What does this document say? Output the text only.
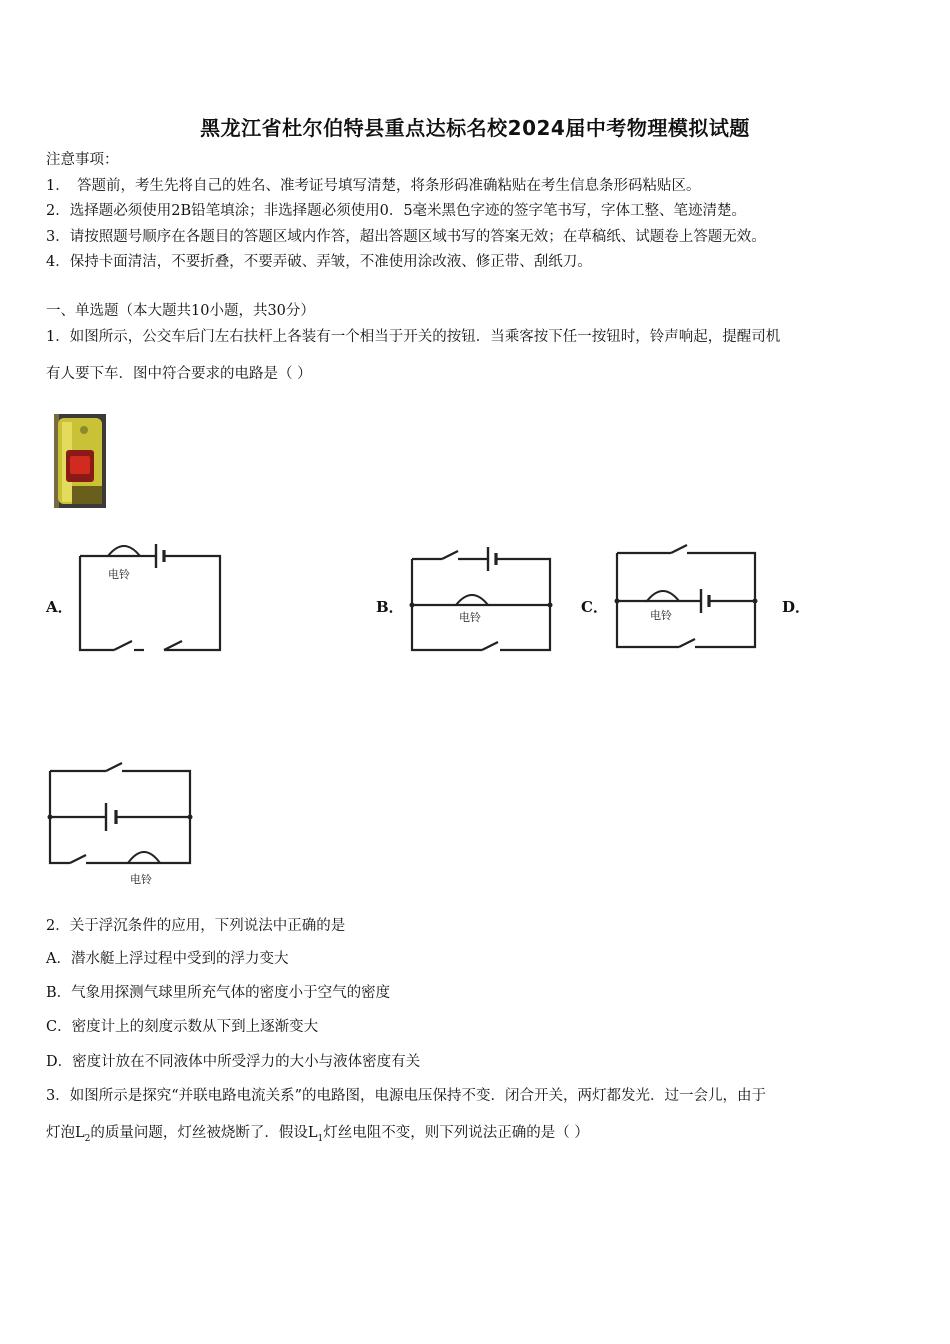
黑龙江省杜尔伯特县重点达标名校2024届中考物理模拟试题
注意事项：
1．　答题前，考生先将自己的姓名、准考证号填写清楚，将条形码准确粘贴在考生信息条形码粘贴区。
2．选择题必须使用2B铅笔填涂；非选择题必须使用0．5毫米黑色字迹的签字笔书写，字体工整、笔迹清楚。
3．请按照题号顺序在各题目的答题区域内作答，超出答题区域书写的答案无效；在草稿纸、试题卷上答题无效。
4．保持卡面清洁，不要折叠，不要弄破、弄皱，不准使用涂改液、修正带、刮纸刀。
一、单选题（本大题共10小题，共30分）
1．如图所示，公交车后门左右扶杆上各装有一个相当于开关的按钮．当乘客按下任一按钮时，铃声响起，提醒司机
有人要下车．图中符合要求的电路是（ ）
电铃
A．
电铃
B．	电铃
C．	D．
电铃
2．关于浮沉条件的应用，下列说法中正确的是
A．潜水艇上浮过程中受到的浮力变大
B．气象用探测气球里所充气体的密度小于空气的密度
C．密度计上的刻度示数从下到上逐渐变大
D．密度计放在不同液体中所受浮力的大小与液体密度有关
3．如图所示是探究“并联电路电流关系”的电路图，电源电压保持不变．闭合开关，两灯都发光．过一会儿，由于
灯泡$L_2$的质量问题，灯丝被烧断了．假设$L_1$灯丝电阻不变，则下列说法正确的是（ ）
